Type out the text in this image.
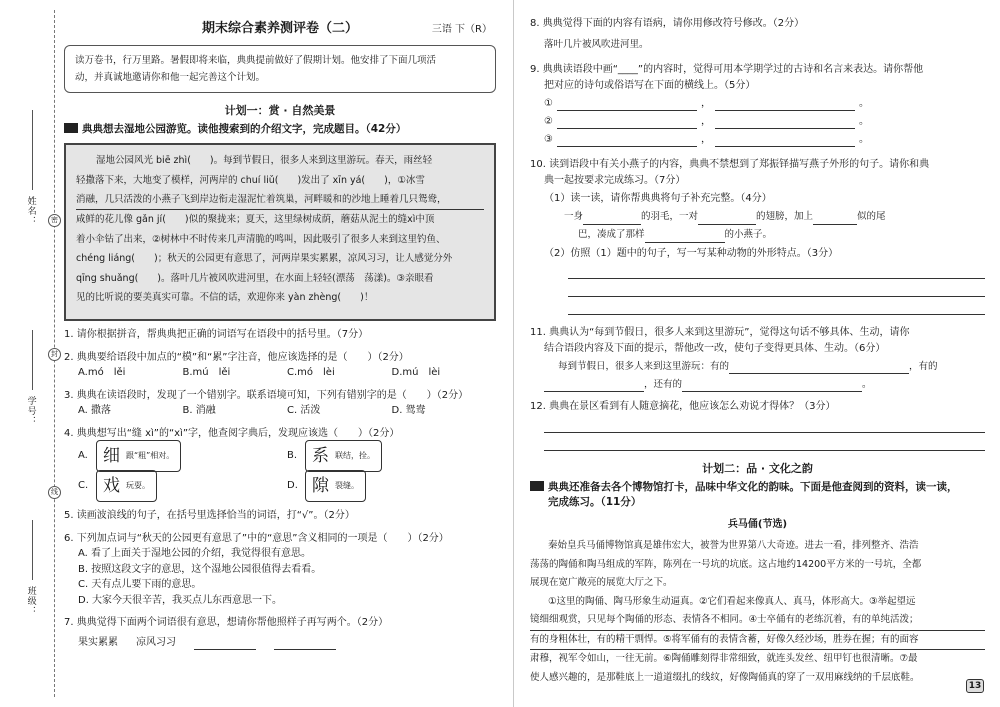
姓名：	密
封
学号：
线
班级：
期末综合素养测评卷（二）	三语 下（R）
读万卷书，行万里路。暑假即将来临，典典提前做好了假期计划。他安排了下面几项活
动，并真诚地邀请你和他一起完善这个计划。
计划一：赏 · 自然美景
典典想去湿地公园游览。读他搜索到的介绍文字，完成题目。（42分）
湿地公园风光 biē zhì(　　)。每到节假日，很多人来到这里游玩。春天，雨丝轻
轻撒落下来，大地变了模样，河两岸的 chuí liǔ(　　)发出了 xīn yá(　　)，①冰雪
消融，几只活泼的小燕子飞到岸边衔走湿泥忙着筑巢，河畔暖和的沙地上睡着几只鸳鸯，
咸鲜的花儿像 gǎn jí(　　)似的聚拢来；夏天，这里绿树成荫，蘑菇从泥土的缝xì中顶
着小伞钻了出来，②树林中不时传来几声清脆的鸣叫，因此吸引了很多人来到这里钓鱼、
chéng liáng(　　)；秋天的公园更有意思了，河两岸果实累累，凉风习习，让人感觉分外
qīng shuǎng(　　)。落叶几片被风吹进河里，在水面上轻轻(漂荡　荡漾)。③亲眼看
见的比听说的要美真实可靠。不信的话，欢迎你来 yàn zhèng(　　)！
1. 请你根据拼音，帮典典把正确的词语写在语段中的括号里。（7分）
2. 典典要给语段中加点的“模”和“累”字注音，他应该选择的是（　　）（2分）
A.mó　lěi	B.mú　lěi	C.mó　lèi	D.mú　lèi
3. 典典在读语段时，发现了一个错别字。联系语境可知，下列有错别字的是（　　）（2分）
A. 撒落	B. 消融	C. 活泼	D. 鸳鸯
4. 典典想写出“缝 xì”的“xì”字，他查阅字典后，发现应该选（　　）（2分）
A. 细 跟“粗”相对。	B. 系 联结，拴。
C. 戏 玩耍。	D. 隙 裂缝。
5. 读画波浪线的句子，在括号里选择恰当的词语，打“√”。（2分）
6. 下列加点词与“秋天的公园更有意思了”中的“意思”含义相同的一项是（　　）（2分）
A. 看了上面关于湿地公园的介绍，我觉得很有意思。
B. 按照这段文字的意思，这个湿地公园很值得去看看。
C. 天有点儿要下雨的意思。
D. 大家今天很辛苦，我买点儿东西意思一下。
7. 典典觉得下面两个词语很有意思，想请你帮他照样子再写两个。（2分）
果实累累 凉风习习
8. 典典觉得下面的内容有语病，请你用修改符号修改。（2分）
落叶几片被风吹进河里。
9. 典典读语段中画“____”的内容时，觉得可用本学期学过的古诗和名言来表达。请你帮他
把对应的诗句或俗语写在下面的横线上。（5分）
①	，	。
②	，	。
③	，	。
10. 读到语段中有关小燕子的内容，典典不禁想到了郑振铎描写燕子外形的句子。请你和典
典一起按要求完成练习。（7分）
（1）读一读，请你帮典典将句子补充完整。（4分）
一身	的羽毛，一对	的翅膀，加上	似的尾
巴，凑成了那样	的小燕子。
（2）仿照（1）题中的句子，写一写某种动物的外形特点。（3分）
11. 典典认为“每到节假日，很多人来到这里游玩”，觉得这句话不够具体、生动，请你
结合语段内容及下面的提示，帮他改一改，使句子变得更具体、生动。（6分）
每到节假日，很多人来到这里游玩：有的	，有的
，还有的	。
12. 典典在景区看到有人随意摘花，他应该怎么劝说才得体？（3分）
计划二：品 · 文化之韵
典典还准备去各个博物馆打卡，品味中华文化的韵味。下面是他查阅到的资料，读一读，
完成练习。（11分）
兵马俑(节选)
秦始皇兵马俑博物馆真是雄伟宏大，被誉为世界第八大奇迹。进去一看，排列整齐、浩浩
荡荡的陶俑和陶马组成的军阵，陈列在一号坑的坑底。这占地约14200平方米的一号坑，全都
展现在宽广敞亮的展览大厅之下。
①这里的陶俑、陶马形象生动逼真。②它们看起来像真人、真马，体形高大。③举起望远
镜细细观赏，只见每个陶俑的形态、表情各不相同。④士卒俑有的老练沉着，有的单纯活泼；
有的身粗体壮，有的精干剽悍。⑤将军俑有的表情含蓄，好像久经沙场，胜券在握；有的面容
肃穆，视军令如山，一往无前。⑥陶俑雕刻得非常细致，就连头发丝、纽甲钉也很清晰。⑦最
使人感兴趣的，是那鞋底上一道道缀扎的线纹，好像陶俑真的穿了一双用麻线纳的千层底鞋。
13
